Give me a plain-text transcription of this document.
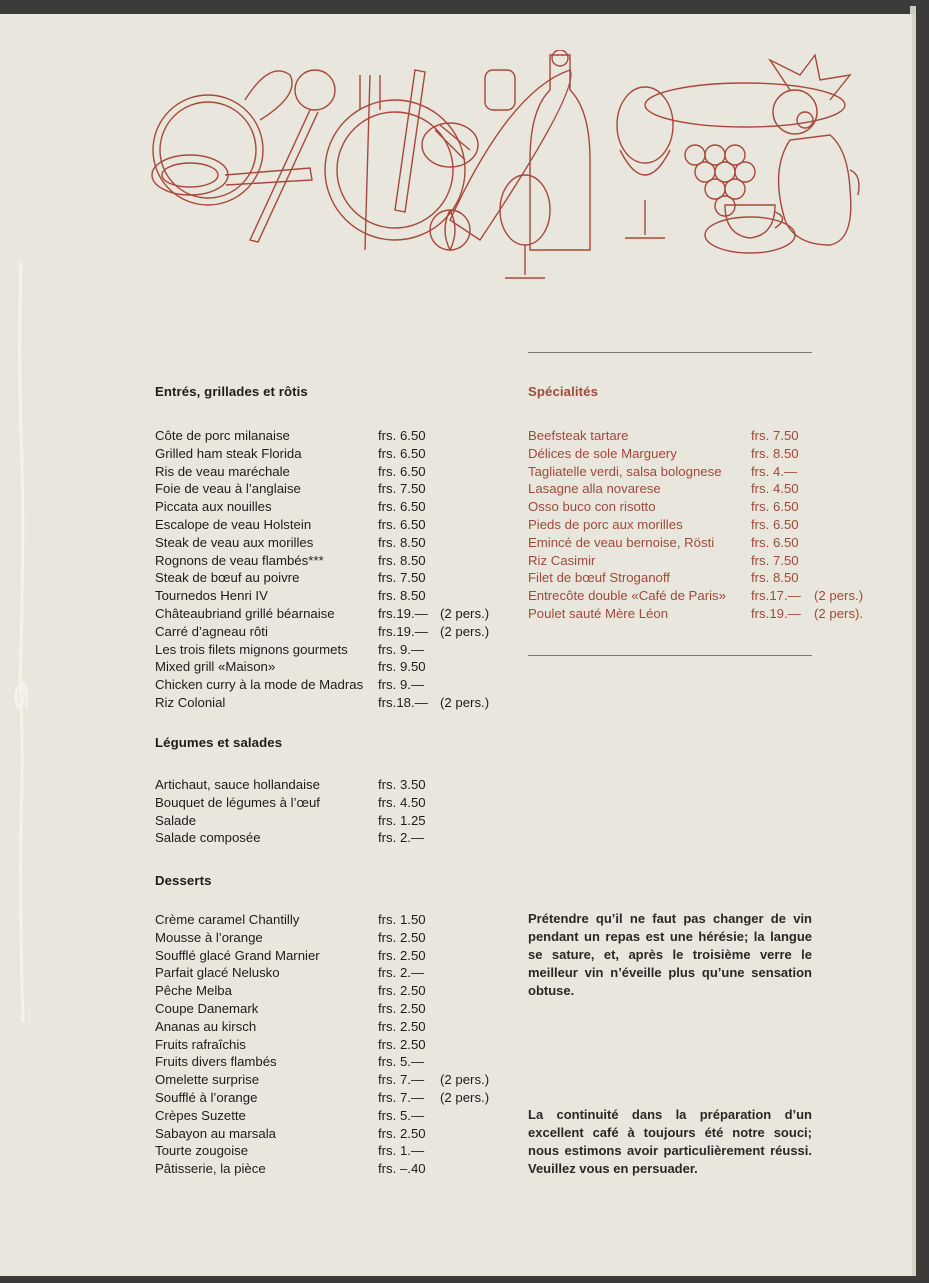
Entrés, grillades et rôtis
Côte de porc milanaise	frs. 6.50
Grilled ham steak Florida	frs. 6.50
Ris de veau maréchale	frs. 6.50
Foie de veau à l’anglaise	frs. 7.50
Piccata aux nouilles	frs. 6.50
Escalope de veau Holstein	frs. 6.50
Steak de veau aux morilles	frs. 8.50
Rognons de veau flambés***	frs. 8.50
Steak de bœuf au poivre	frs. 7.50
Tournedos Henri IV	frs. 8.50
Châteaubriand grillé béarnaise	frs.19.— (2 pers.)
Carré d’agneau rôti	frs.19.— (2 pers.)
Les trois filets mignons gourmets frs. 9.—
Mixed grill «Maison»	frs. 9.50
Chicken curry à la mode de Madras frs. 9.—
Riz Colonial	frs.18.— (2 pers.)
Légumes et salades
Artichaut, sauce hollandaise	frs. 3.50
Bouquet de légumes à l’œuf	frs. 4.50
Salade	frs. 1.25
Salade composée	frs. 2.—
Desserts
Crème caramel Chantilly	frs. 1.50
Mousse à l’orange	frs. 2.50
Soufflé glacé Grand Marnier	frs. 2.50
Parfait glacé Nelusko	frs. 2.—
Pêche Melba	frs. 2.50
Coupe Danemark	frs. 2.50
Ananas au kirsch	frs. 2.50
Fruits rafraîchis	frs. 2.50
Fruits divers flambés	frs. 5.—
Omelette surprise	frs. 7.— (2 pers.)
Soufflé à l’orange	frs. 7.— (2 pers.)
Crèpes Suzette	frs. 5.—
Sabayon au marsala	frs. 2.50
Tourte zougoise	frs. 1.—
Pâtisserie, la pièce	frs. –.40
Spécialités
Beefsteak tartare	frs. 7.50
Délices de sole Marguery	frs. 8.50
Tagliatelle verdi, salsa bolognese frs. 4.—
Lasagne alla novarese	frs. 4.50
Osso buco con risotto	frs. 6.50
Pieds de porc aux morilles	frs. 6.50
Emincé de veau bernoise, Rösti	frs. 6.50
Riz Casimir	frs. 7.50
Filet de bœuf Stroganoff	frs. 8.50
Entrecôte double «Café de Paris» frs.17.— (2 pers.)
Poulet sauté Mère Léon	frs.19.— (2 pers).
Prétendre qu’il ne faut pas changer de vin pendant un repas est une hérésie; la langue se sature, et, après le troisième verre le meilleur vin n’éveille plus qu’une sensation obtuse.
La continuité dans la préparation d’un excellent café à toujours été notre souci; nous estimons avoir particulièrement réussi. Veuillez vous en persuader.
